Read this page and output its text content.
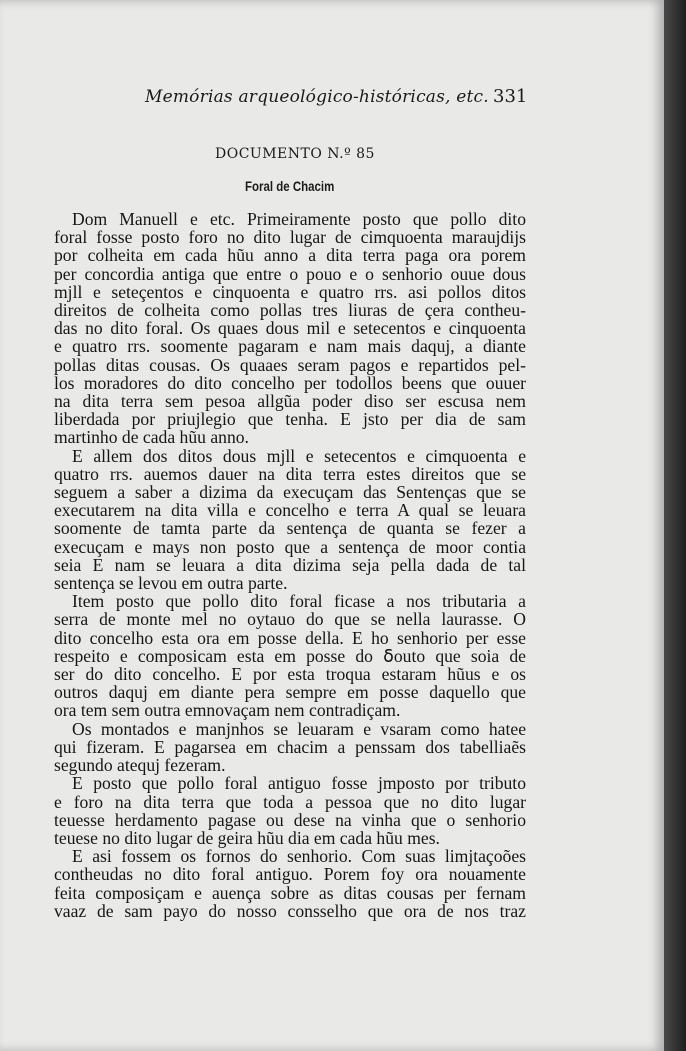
Memórias arqueológico-históricas, etc. 331
DOCUMENTO N.º 85
Foral de Chacim
Dom Manuell e etc. Primeiramente posto que pollo dito
foral fosse posto foro no dito lugar de cimquoenta maraujdijs
por colheita em cada hũu anno a dita terra paga ora porem
per concordia antiga que entre o pouo e o senhorio ouue dous
mjll e seteçentos e cinquoenta e quatro rrs. asi pollos ditos
direitos de colheita como pollas tres liuras de çera contheu-
das no dito foral. Os quaes dous mil e setecentos e cinquoenta
e quatro rrs. soomente pagaram e nam mais daquj, a diante
pollas ditas cousas. Os quaaes seram pagos e repartidos pel-
los moradores do dito concelho per todollos beens que ouuer
na dita terra sem pesoa allgũa poder diso ser escusa nem
liberdada por priujlegio que tenha. E jsto per dia de sam
martinho de cada hũu anno.
E allem dos ditos dous mjll e setecentos e cimquoenta e
quatro rrs. auemos dauer na dita terra estes direitos que se
seguem a saber a dizima da execuçam das Sentenças que se
executarem na dita villa e concelho e terra A qual se leuara
soomente de tamta parte da sentença de quanta se fezer a
execuçam e mays non posto que a sentença de moor contia
seia E nam se leuara a dita dizima seja pella dada de tal
sentença se levou em outra parte.
Item posto que pollo dito foral ficase a nos tributaria a
serra de monte mel no oytauo do que se nella laurasse. O
dito concelho esta ora em posse della. E ho senhorio per esse
respeito e composicam esta em posse do ẟouto que soia de
ser do dito concelho. E por esta troqua estaram hũus e os
outros daquj em diante pera sempre em posse daquello que
ora tem sem outra emnovaçam nem contradiçam.
Os montados e manjnhos se leuaram e vsaram como hatee
qui fizeram. E pagarsea em chacim a penssam dos tabelliaẽs
segundo atequj fezeram.
E posto que pollo foral antiguo fosse jmposto por tributo
e foro na dita terra que toda a pessoa que no dito lugar
teuesse herdamento pagase ou dese na vinha que o senhorio
teuese no dito lugar de geira hũu dia em cada hũu mes.
E asi fossem os fornos do senhorio. Com suas limjtaçoões
contheudas no dito foral antiguo. Porem foy ora nouamente
feita composiçam e auença sobre as ditas cousas per fernam
vaaz de sam payo do nosso consselho que ora de nos traz
